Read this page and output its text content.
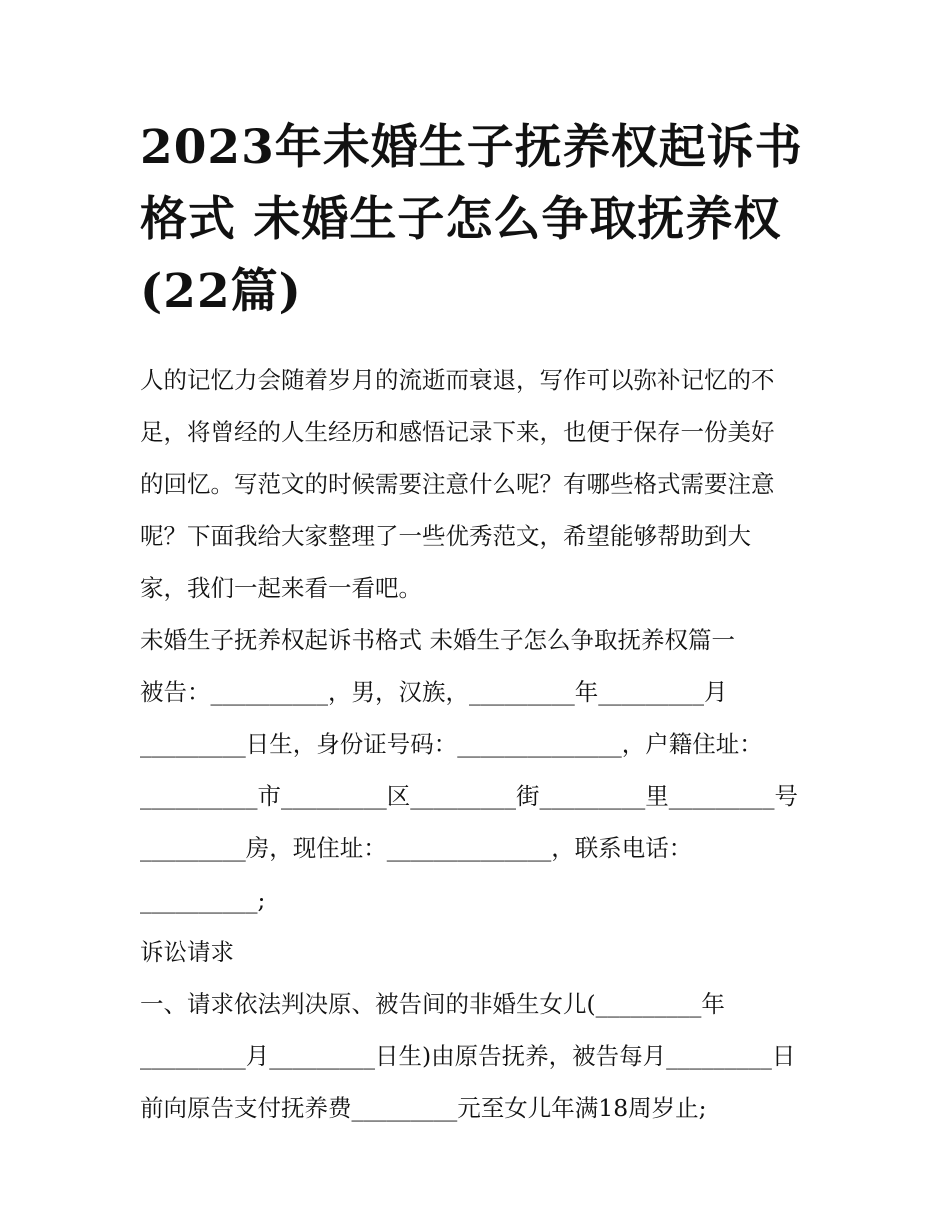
2023年未婚生子抚养权起诉书
格式 未婚生子怎么争取抚养权
(22篇)
人的记忆力会随着岁月的流逝而衰退，写作可以弥补记忆的不
足，将曾经的人生经历和感悟记录下来，也便于保存一份美好
的回忆。写范文的时候需要注意什么呢？有哪些格式需要注意
呢？下面我给大家整理了一些优秀范文，希望能够帮助到大
家，我们一起来看一看吧。
未婚生子抚养权起诉书格式 未婚生子怎么争取抚养权篇一
被告：__________，男，汉族，_________年_________月
_________日生，身份证号码：______________，户籍住址：
__________市_________区_________街_________里_________号
_________房，现住址：______________，联系电话：
__________;
诉讼请求
一、请求依法判决原、被告间的非婚生女儿(_________年
_________月_________日生)由原告抚养，被告每月_________日
前向原告支付抚养费_________元至女儿年满18周岁止;
